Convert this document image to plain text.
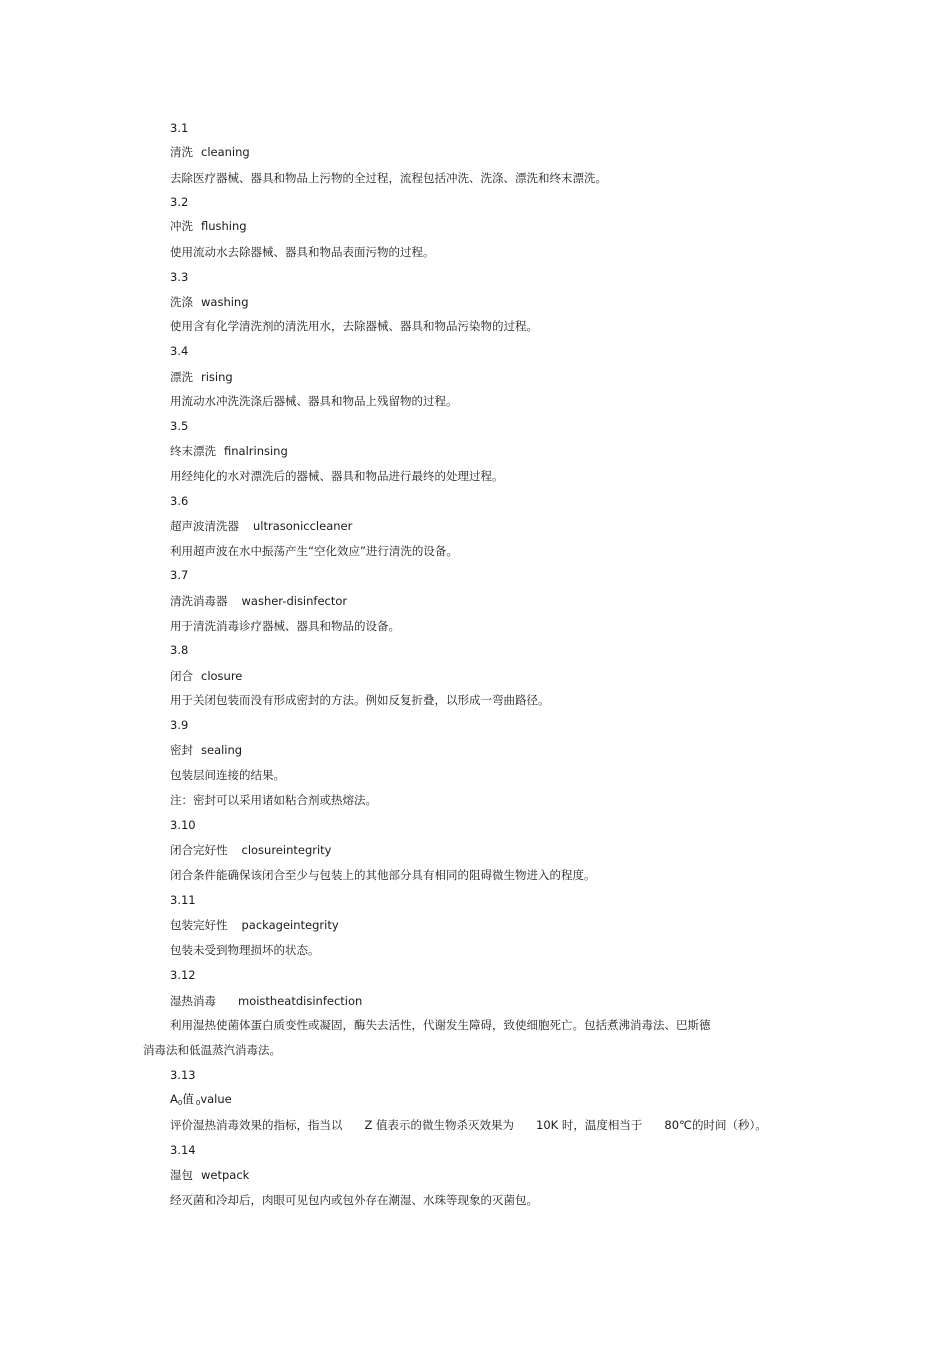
3.1
清洗 cleaning
去除医疗器械、器具和物品上污物的全过程，流程包括冲洗、洗涤、漂洗和终末漂洗。
3.2
冲洗 flushing
使用流动水去除器械、器具和物品表面污物的过程。
3.3
洗涤 washing
使用含有化学清洗剂的清洗用水，去除器械、器具和物品污染物的过程。
3.4
漂洗 rising
用流动水冲洗洗涤后器械、器具和物品上残留物的过程。
3.5
终末漂洗 finalrinsing
用经纯化的水对漂洗后的器械、器具和物品进行最终的处理过程。
3.6
超声波清洗器 ultrasoniccleaner
利用超声波在水中振荡产生“空化效应”进行清洗的设备。
3.7
清洗消毒器 washer-disinfector
用于清洗消毒诊疗器械、器具和物品的设备。
3.8
闭合 closure
用于关闭包装而没有形成密封的方法。例如反复折叠，以形成一弯曲路径。
3.9
密封 sealing
包装层间连接的结果。
注：密封可以采用诸如粘合剂或热熔法。
3.10
闭合完好性 closureintegrity
闭合条件能确保该闭合至少与包装上的其他部分具有相同的阻碍微生物进入的程度。
3.11
包装完好性 packageintegrity
包装未受到物理损坏的状态。
3.12
湿热消毒 moistheatdisinfection
利用湿热使菌体蛋白质变性或凝固，酶失去活性，代谢发生障碍，致使细胞死亡。包括煮沸消毒法、巴斯德
消毒法和低温蒸汽消毒法。
3.13
$A_0$值 0value
评价湿热消毒效果的指标，指当以 Z 值表示的微生物杀灭效果为 10K 时，温度相当于 80℃的时间（秒）。
3.14
湿包 wetpack
经灭菌和冷却后，肉眼可见包内或包外存在潮湿、水珠等现象的灭菌包。
